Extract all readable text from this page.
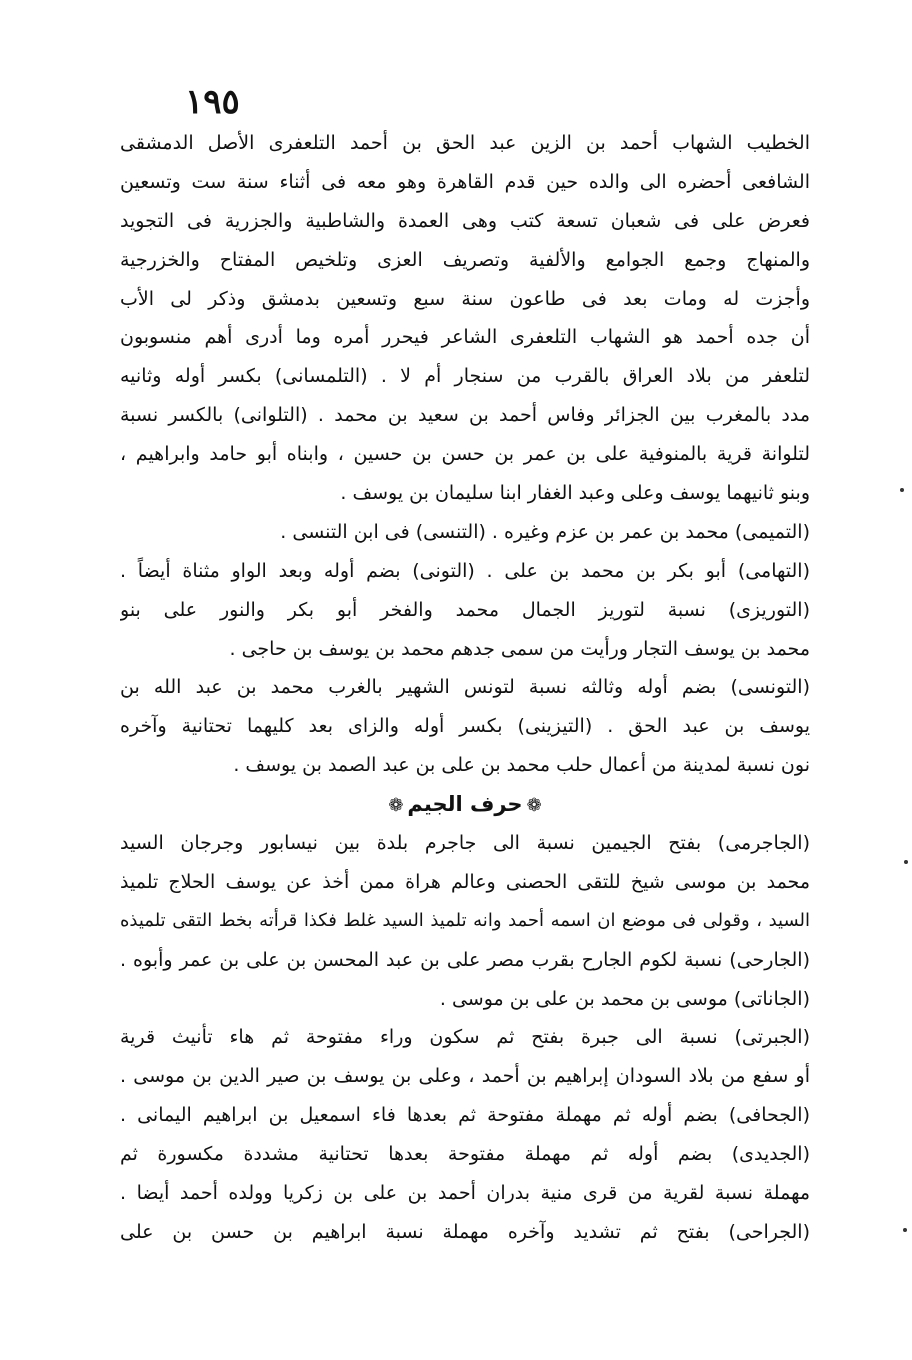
١٩٥
الخطيب الشهاب أحمد بن الزين عبد الحق بن أحمد التلعفرى الأصل الدمشقى
الشافعى أحضره الى والده حين قدم القاهرة وهو معه فى أثناء سنة ست وتسعين
فعرض على فى شعبان تسعة كتب وهى العمدة والشاطبية والجزرية فى التجويد
والمنهاج وجمع الجوامع والألفية وتصريف العزى وتلخيص المفتاح والخزرجية
وأجزت له ومات بعد فى طاعون سنة سبع وتسعين بدمشق وذكر لى الأب
أن جده أحمد هو الشهاب التلعفرى الشاعر فيحرر أمره وما أدرى أهم منسوبون
لتلعفر من بلاد العراق بالقرب من سنجار أم لا . (التلمسانى) بكسر أوله وثانيه
مدد بالمغرب بين الجزائر وفاس أحمد بن سعيد بن محمد . (التلوانى) بالكسر نسبة
لتلوانة قرية بالمنوفية على بن عمر بن حسن بن حسين ، وابناه أبو حامد وابراهيم ،
وبنو ثانيهما يوسف وعلى وعبد الغفار ابنا سليمان بن يوسف .
(التميمى) محمد بن عمر بن عزم وغيره . (التنسى) فى ابن التنسى .
(التهامى) أبو بكر بن محمد بن على . (التونى) بضم أوله وبعد الواو مثناة أيضاً .
(التوريزى) نسبة لتوريز الجمال محمد والفخر أبو بكر والنور على بنو
محمد بن يوسف التجار ورأيت من سمى جدهم محمد بن يوسف بن حاجى .
(التونسى) بضم أوله وثالثه نسبة لتونس الشهير بالغرب محمد بن عبد الله بن
يوسف بن عبد الحق . (التيزينى) بكسر أوله والزاى بعد كليهما تحتانية وآخره
نون نسبة لمدينة من أعمال حلب محمد بن على بن عبد الصمد بن يوسف .
❁حرف الجيم❁
(الجاجرمى) بفتح الجيمين نسبة الى جاجرم بلدة بين نيسابور وجرجان السيد
محمد بن موسى شيخ للتقى الحصنى وعالم هراة ممن أخذ عن يوسف الحلاج تلميذ
السيد ، وقولى فى موضع ان اسمه أحمد وانه تلميذ السيد غلط فكذا قرأته بخط التقى تلميذه
(الجارحى) نسبة لكوم الجارح بقرب مصر على بن عبد المحسن بن على بن عمر وأبوه .
(الجاناتى) موسى بن محمد بن على بن موسى .
(الجبرتى) نسبة الى جبرة بفتح ثم سكون وراء مفتوحة ثم هاء تأنيث قرية
أو سفع من بلاد السودان إبراهيم بن أحمد ، وعلى بن يوسف بن صير الدين بن موسى .
(الجحافى) بضم أوله ثم مهملة مفتوحة ثم بعدها فاء اسمعيل بن ابراهيم اليمانى .
(الجديدى) بضم أوله ثم مهملة مفتوحة بعدها تحتانية مشددة مكسورة ثم
مهملة نسبة لقرية من قرى منية بدران أحمد بن على بن زكريا وولده أحمد أيضا .
(الجراحى) بفتح ثم تشديد وآخره مهملة نسبة ابراهيم بن حسن بن على
